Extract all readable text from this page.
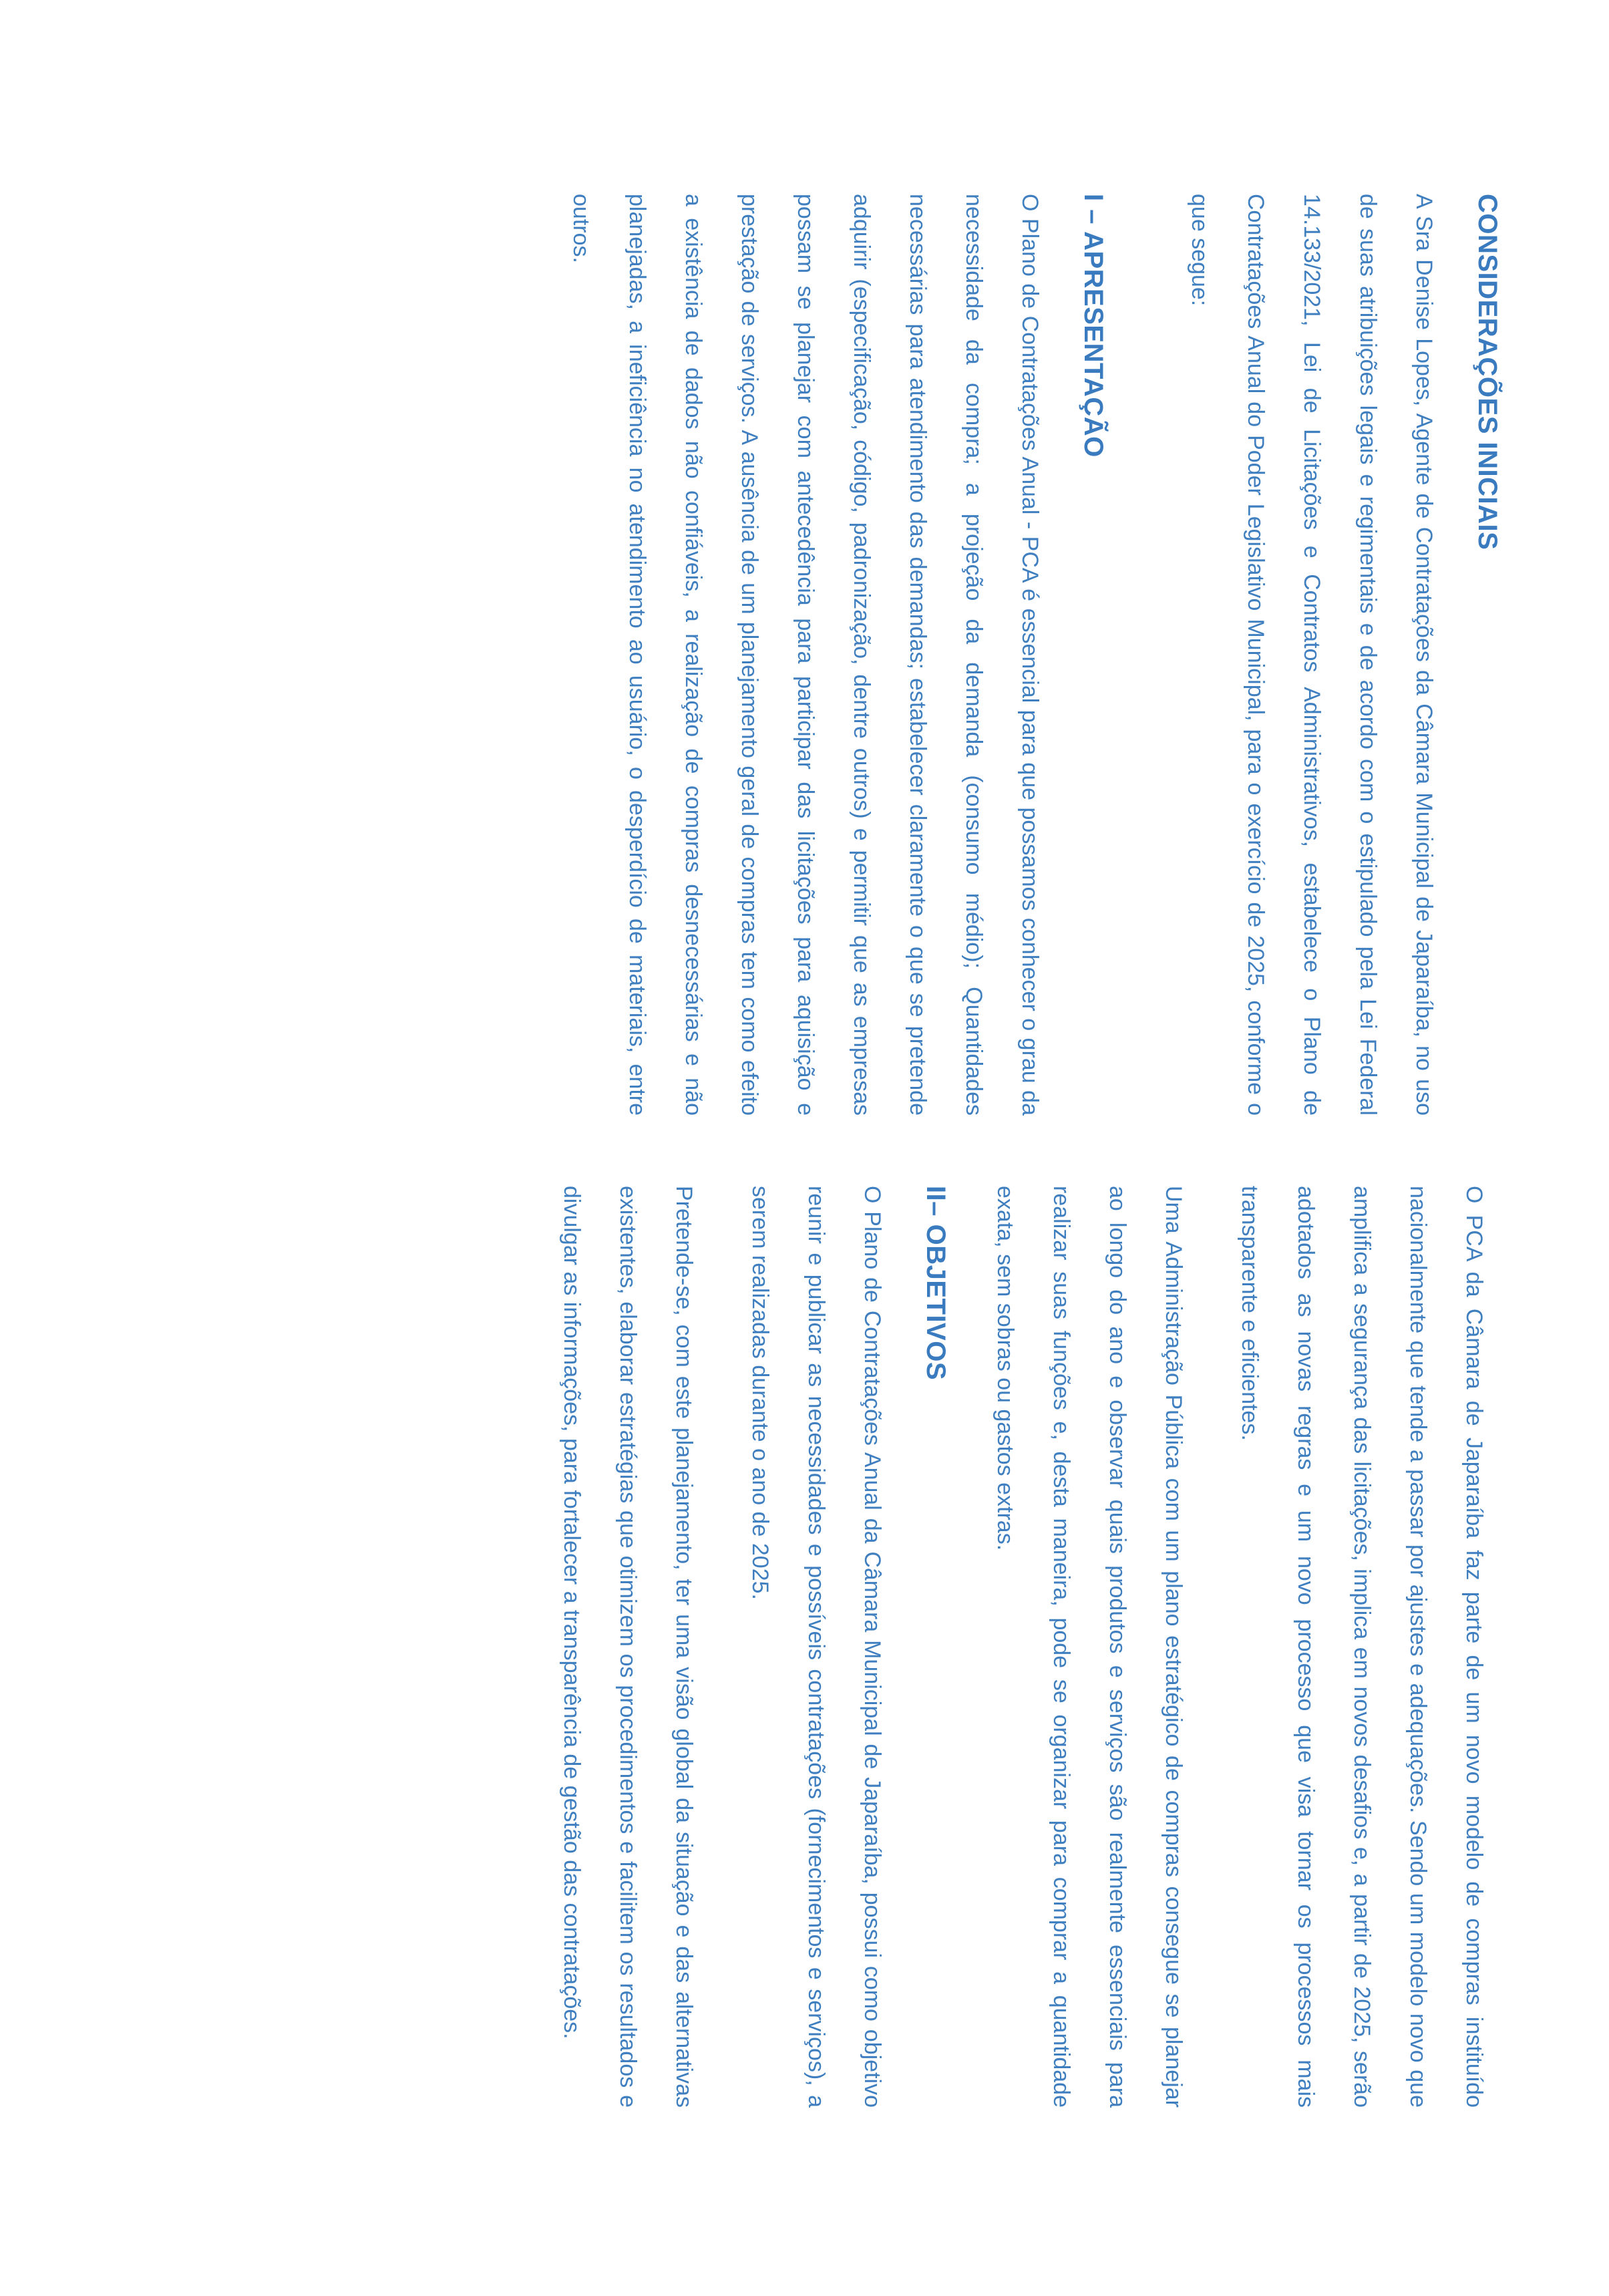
CONSIDERAÇÕES INICIAIS

A Sra Denise Lopes, Agente de Contratações da Câmara Municipal de Japaraíba, no uso de suas atribuições legais e regimentais e de acordo com o estipulado pela Lei Federal 14.133/2021, Lei de Licitações e Contratos Administrativos, estabelece o Plano de Contratações Anual do Poder Legislativo Municipal, para o exercício de 2025, conforme o que segue:

I – APRESENTAÇÃO

O Plano de Contratações Anual - PCA é essencial para que possamos conhecer o grau da necessidade da compra; a projeção da demanda (consumo médio); Quantidades necessárias para atendimento das demandas; estabelecer claramente o que se pretende adquirir (especificação, código, padronização, dentre outros) e permitir que as empresas possam se planejar com antecedência para participar das licitações para aquisição e prestação de serviços. A ausência de um planejamento geral de compras tem como efeito a existência de dados não confiáveis, a realização de compras desnecessárias e não planejadas, a ineficiência no atendimento ao usuário, o desperdício de materiais, entre outros.

O PCA da Câmara de Japaraíba faz parte de um novo modelo de compras instituído nacionalmente que tende a passar por ajustes e adequações. Sendo um modelo novo que amplifica a segurança das licitações, implica em novos desafios e, a partir de 2025, serão adotados as novas regras e um novo processo que visa tornar os processos mais transparente e eficientes.

Uma Administração Pública com um plano estratégico de compras consegue se planejar ao longo do ano e observar quais produtos e serviços são realmente essenciais para realizar suas funções e, desta maneira, pode se organizar para comprar a quantidade exata, sem sobras ou gastos extras.

II– OBJETIVOS

O Plano de Contratações Anual da Câmara Municipal de Japaraíba, possui como objetivo reunir e publicar as necessidades e possíveis contratações (fornecimentos e serviços), a serem realizadas durante o ano de 2025.

Pretende-se, com este planejamento, ter uma visão global da situação e das alternativas existentes, elaborar estratégias que otimizem os procedimentos e facilitem os resultados e divulgar as informações, para fortalecer a transparência de gestão das contratações.
